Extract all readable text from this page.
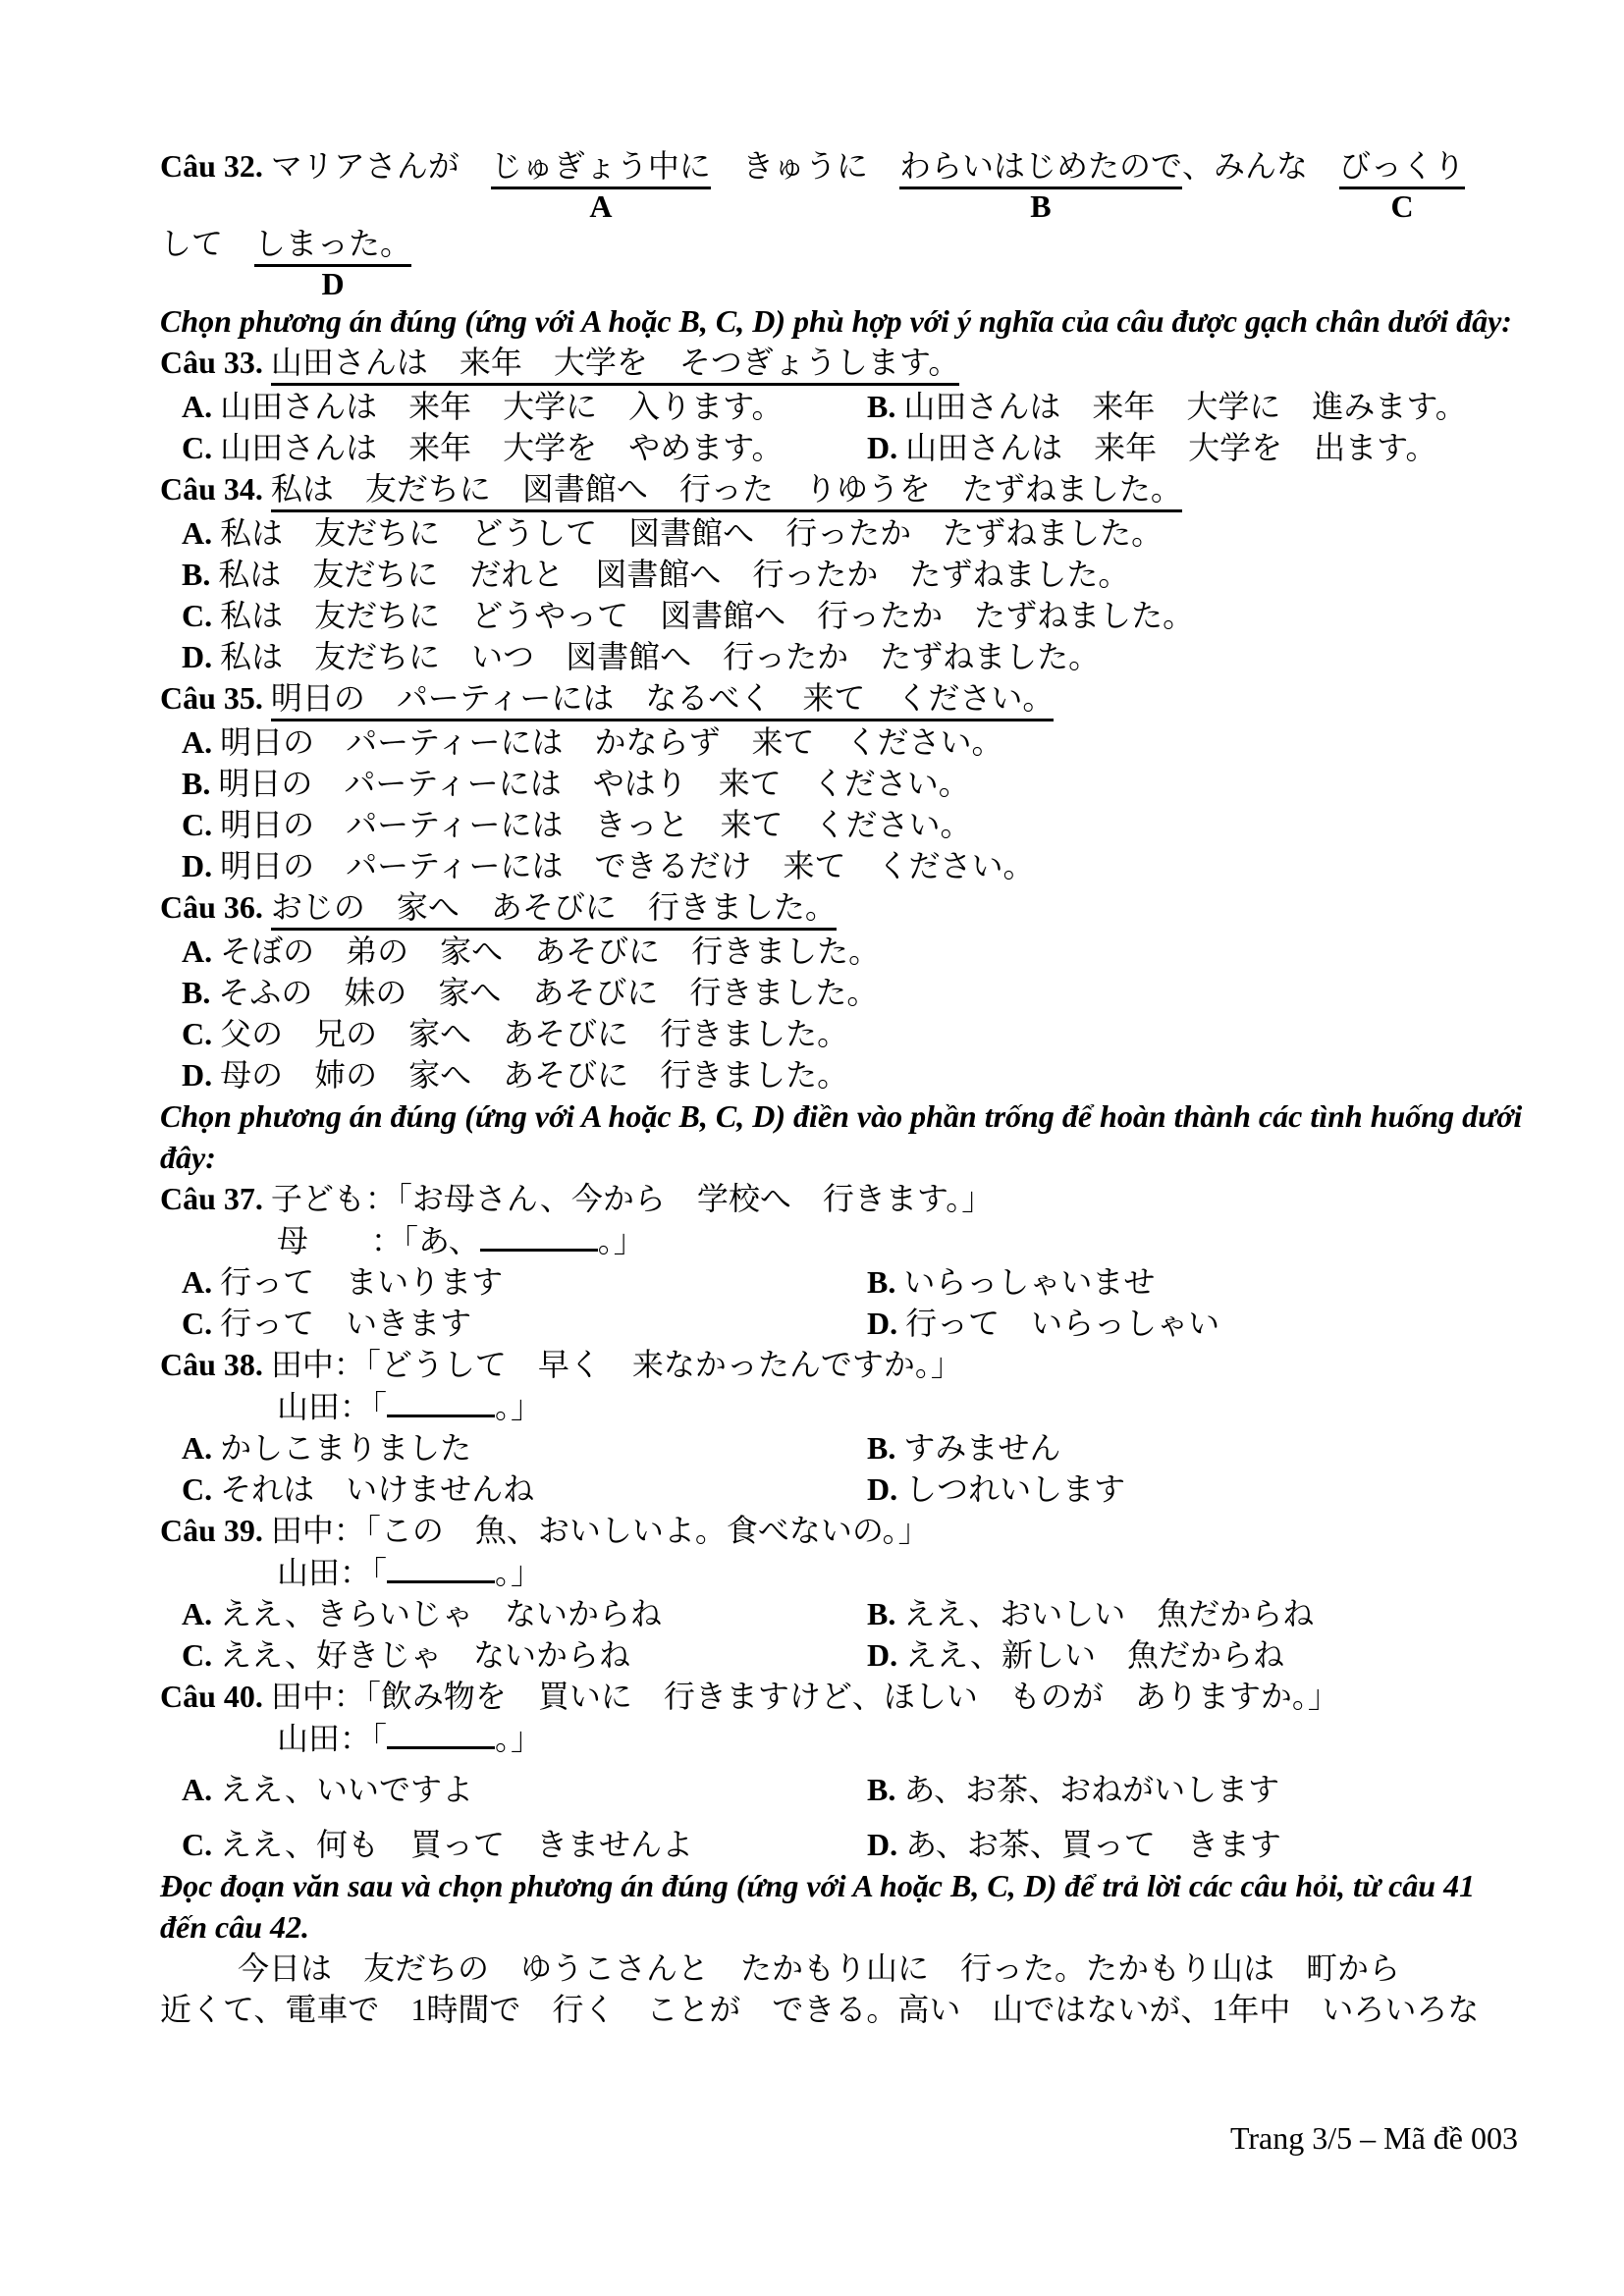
Câu 32. マリアさんが　 じゅぎょう中に
A
　きゅうに　 わらいはじめたので
B
、みんな　 びっくり
C
して　 しまった。
D

Chọn phương án đúng (ứng với A hoặc B, C, D) phù hợp với ý nghĩa của câu được gạch chân dưới đây:

Câu 33. 山田さんは　来年　大学を　そつぎょうします。
A. 山田さんは　来年　大学に　入ります。	B. 山田さんは　来年　大学に　進みます。
C. 山田さんは　来年　大学を　やめます。	D. 山田さんは　来年　大学を　出ます。
Câu 34. 私は　友だちに　図書館へ　行った　りゆうを　たずねました。
A. 私は　友だちに　どうして　図書館へ　行ったか　たずねました。
B. 私は　友だちに　だれと　図書館へ　行ったか　たずねました。
C. 私は　友だちに　どうやって　図書館へ　行ったか　たずねました。
D. 私は　友だちに　いつ　図書館へ　行ったか　たずねました。
Câu 35. 明日の　パーティーには　なるべく　来て　ください。
A. 明日の　パーティーには　かならず　来て　ください。
B. 明日の　パーティーには　やはり　来て　ください。
C. 明日の　パーティーには　きっと　来て　ください。
D. 明日の　パーティーには　できるだけ　来て　ください。
Câu 36. おじの　家へ　あそびに　行きました。
A. そぼの　弟の　家へ　あそびに　行きました。
B. そふの　妹の　家へ　あそびに　行きました。
C. 父の　兄の　家へ　あそびに　行きました。
D. 母の　姉の　家へ　あそびに　行きました。

Chọn phương án đúng (ứng với A hoặc B, C, D) điền vào phần trống để hoàn thành các tình huống dưới đây:

Câu 37. 子ども：「お母さん、今から　学校へ　行きます。」
母　　：「あ、	。」
A. 行って　まいります	B. いらっしゃいませ
C. 行って　いきます	D. 行って　いらっしゃい
Câu 38. 田中：「どうして　早く　来なかったんですか。」
山田：「	。」
A. かしこまりました	B. すみません
C. それは　いけませんね	D. しつれいします
Câu 39. 田中：「この　魚、おいしいよ。食べないの。」
山田：「	。」
A. ええ、きらいじゃ　ないからね	B. ええ、おいしい　魚だからね
C. ええ、好きじゃ　ないからね	D. ええ、新しい　魚だからね
Câu 40. 田中：「飲み物を　買いに　行きますけど、ほしい　ものが　ありますか。」
山田：「	。」
A. ええ、いいですよ	B. あ、お茶、おねがいします
C. ええ、何も　買って　きませんよ	D. あ、お茶、買って　きます

Đọc đoạn văn sau và chọn phương án đúng (ứng với A hoặc B, C, D) để trả lời các câu hỏi, từ câu 41 đến câu 42.

今日は　友だちの　ゆうこさんと　たかもり山に　行った。たかもり山は　町から
近くて、電車で　1時間で　行く　ことが　できる。高い　山ではないが、1年中　いろいろな
Trang 3/5 – Mã đề 003
